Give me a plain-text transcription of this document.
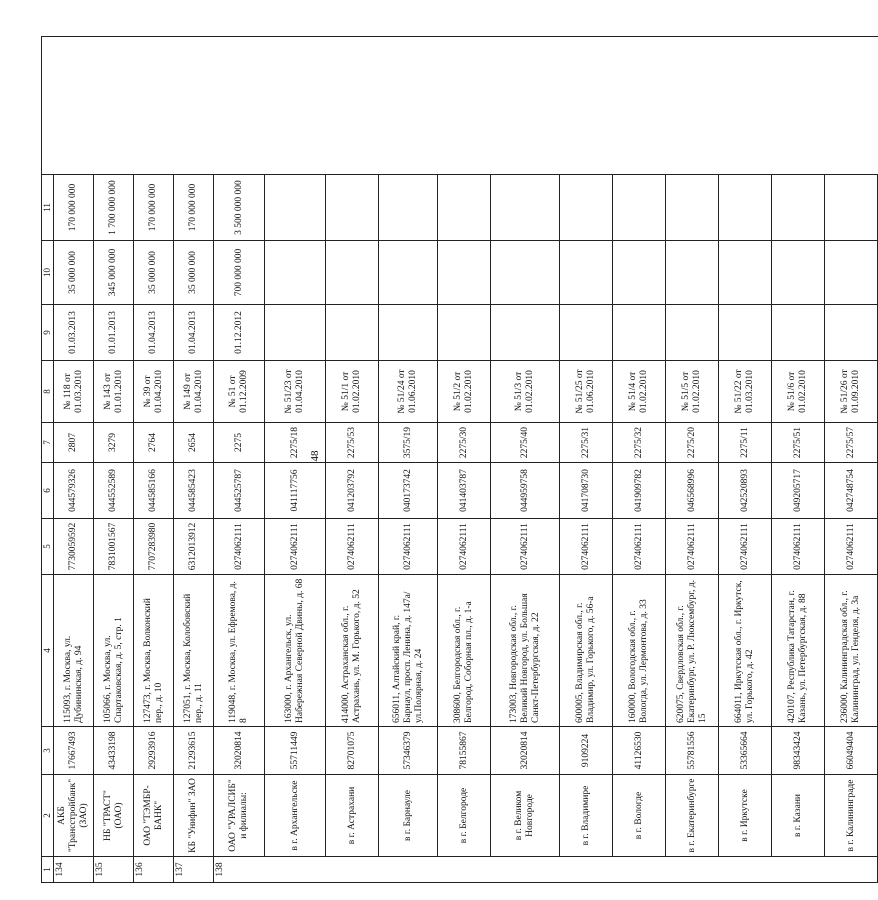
48
1	2	3	4	5	6	7	8	9	10	11	
134	АКБ "Трансстройбанк" (ЗАО)	17667493	115093, г. Москва, ул. Дубининская, д. 94	7730059592	044579326	2807	№ 118 от 01.03.2010	01.03.2013	35 000 000	170 000 000	
135	НБ "ТРАСТ" (ОАО)	43433198	105066, г. Москва, ул. Спартаковская, д. 5, стр. 1	7831001567	044552589	3279	№ 143 от 01.01.2010	01.01.2013	345 000 000	1 700 000 000	
136	ОАО "ТЭМБР-БАНК"	29293916	127473, г. Москва, Волконский пер., д. 10	7707283980	044585166	2764	№ 39 от 01.04.2010	01.04.2013	35 000 000	170 000 000	
137	КБ "Унифин" ЗАО	21293615	127051, г. Москва, Колобовский пер., д. 11	6312013912	044585423	2654	№ 149 от 01.04.2010	01.04.2013	35 000 000	170 000 000	
138	ОАО "УРАЛСИБ" и филиалы:	32020814	119048, г. Москва, ул. Ефремова, д. 8	0274062111	044525787	2275	№ 51 от 01.12.2009	01.12.2012	700 000 000	3 500 000 000	
	в г. Архангельске	55711449	163000, г. Архангельск, ул. Набережная Северной Двины, д. 68	0274062111	041117756	2275/18	№ 51/23 от 01.04.2010				
	в г. Астрахани	82701075	414000, Астраханская обл., г. Астрахань, ул. М. Горького, д. 52	0274062111	041203792	2275/53	№ 51/1 от 01.02.2010				
	в г. Барнауле	57346379	656011, Алтайский край, г. Барнаул, просп. Ленина, д. 147а/ул.Полярная, д. 24	0274062111	040173742	3575/19	№ 51/24 от 01.06.2010				
	в г. Белгороде	78155867	308600, Белгородская обл., г. Белгород, Соборная пл., д. 1-а	0274062111	041403787	2275/30	№ 51/2 от 01.02.2010				
	в г. Великом Новгороде	32020814	173003, Новгородская обл., г. Великий Новгород, ул. Большая Санкт-Петербургская, д. 22	0274062111	044959758	2275/40	№ 51/3 от 01.02.2010				
	в г. Владимире	9109224	600005, Владимирская обл., г. Владимир, ул. Горького, д. 56-а	0274062111	041708730	2275/31	№ 51/25 от 01.06.2010				
	в г. Вологде	41126530	160000, Вологодская обл., г. Вологда, ул. Лермонтова, д. 33	0274062111	041909782	2275/32	№ 51/4 от 01.02.2010				
	в г. Екатеринбурге	55781556	620075, Свердловская обл., г. Екатеринбург, ул. Р. Люксембург, д. 15	0274062111	046568996	2275/20	№ 51/5 от 01.02.2010				
	в г. Иркутске	53365664	664011, Иркутская обл., г. Иркутск, ул. Горького, д. 42	0274062111	042520893	2275/11	№ 51/22 от 01.03.2010				
	в г. Казани	98343424	420107, Республика Татарстан, г. Казань, ул. Петербургская, д. 88	0274062111	049205717	2275/51	№ 51/6 от 01.02.2010				
	в г. Калининграде	66049404	236000, Калининградская обл., г. Калининград, ул. Генделя, д. 3а	0274062111	042748754	2275/57	№ 51/26 от 01.09.2010				
